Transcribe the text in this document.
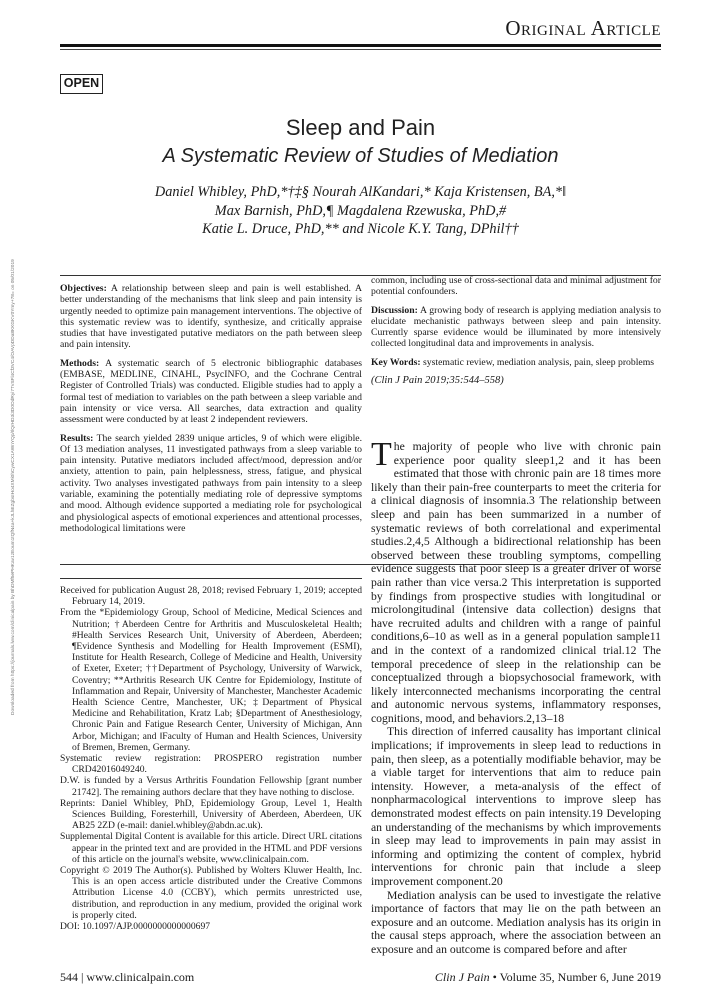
Original Article
OPEN
Downloaded from https://journals.lww.com/clinicalpain by BhDMf5ePHKav1zEoum1tQfN4a+kJLhEZgbsIHo4XMi0hCywCX1AWnYQp/IlQrHD3i3D0OdRyi7TvSFl4Cf3VC4/OAVpDDa8KKGKV0Ymy+78= on 05/01/2019
Sleep and Pain
A Systematic Review of Studies of Mediation
Daniel Whibley, PhD,*†‡§ Nourah AlKandari,* Kaja Kristensen, BA,*‖
Max Barnish, PhD,¶ Magdalena Rzewuska, PhD,#
Katie L. Druce, PhD,** and Nicole K.Y. Tang, DPhil††

Objectives: A relationship between sleep and pain is well established. A better understanding of the mechanisms that link sleep and pain intensity is urgently needed to optimize pain management interventions. The objective of this systematic review was to identify, synthesize, and critically appraise studies that have investigated putative mediators on the path between sleep and pain intensity.

Methods: A systematic search of 5 electronic bibliographic databases (EMBASE, MEDLINE, CINAHL, PsycINFO, and the Cochrane Central Register of Controlled Trials) was conducted. Eligible studies had to apply a formal test of mediation to variables on the path between a sleep variable and pain intensity or vice versa. All searches, data extraction and quality assessment were conducted by at least 2 independent reviewers.

Results: The search yielded 2839 unique articles, 9 of which were eligible. Of 13 mediation analyses, 11 investigated pathways from a sleep variable to pain intensity. Putative mediators included affect/mood, depression and/or anxiety, attention to pain, pain helplessness, stress, fatigue, and physical activity. Two analyses investigated pathways from pain intensity to a sleep variable, examining the potentially mediating role of depressive symptoms and mood. Although evidence supported a mediating role for psychological and physiological aspects of emotional experiences and attentional processes, methodological limitations were

common, including use of cross-sectional data and minimal adjustment for potential confounders.

Discussion: A growing body of research is applying mediation analysis to elucidate mechanistic pathways between sleep and pain intensity. Currently sparse evidence would be illuminated by more intensively collected longitudinal data and improvements in analysis.

Key Words: systematic review, mediation analysis, pain, sleep problems

(Clin J Pain 2019;35:544–558)

Received for publication August 28, 2018; revised February 1, 2019; accepted February 14, 2019.

From the *Epidemiology Group, School of Medicine, Medical Sciences and Nutrition; †Aberdeen Centre for Arthritis and Musculoskeletal Health; #Health Services Research Unit, University of Aberdeen, Aberdeen; ¶Evidence Synthesis and Modelling for Health Improvement (ESMI), Institute for Health Research, College of Medicine and Health, University of Exeter, Exeter; ††Department of Psychology, University of Warwick, Coventry; **Arthritis Research UK Centre for Epidemiology, Institute of Inflammation and Repair, University of Manchester, Manchester Academic Health Science Centre, Manchester, UK; ‡Department of Physical Medicine and Rehabilitation, Kratz Lab; §Department of Anesthesiology, Chronic Pain and Fatigue Research Center, University of Michigan, Ann Arbor, Michigan; and ‖Faculty of Human and Health Sciences, University of Bremen, Bremen, Germany.

Systematic review registration: PROSPERO registration number CRD42016049240.

D.W. is funded by a Versus Arthritis Foundation Fellowship [grant number 21742]. The remaining authors declare that they have nothing to disclose.

Reprints: Daniel Whibley, PhD, Epidemiology Group, Level 1, Health Sciences Building, Foresterhill, University of Aberdeen, Aberdeen, UK AB25 2ZD (e-mail: daniel.whibley@abdn.ac.uk).

Supplemental Digital Content is available for this article. Direct URL citations appear in the printed text and are provided in the HTML and PDF versions of this article on the journal's website, www.clinicalpain.com.

Copyright © 2019 The Author(s). Published by Wolters Kluwer Health, Inc. This is an open access article distributed under the Creative Commons Attribution License 4.0 (CCBY), which permits unrestricted use, distribution, and reproduction in any medium, provided the original work is properly cited.

DOI: 10.1097/AJP.0000000000000697

The majority of people who live with chronic pain experience poor quality sleep1,2 and it has been estimated that those with chronic pain are 18 times more likely than their pain-free counterparts to meet the criteria for a clinical diagnosis of insomnia.3 The relationship between sleep and pain has been summarized in a number of systematic reviews of both correlational and experimental studies.2,4,5 Although a bidirectional relationship has been observed between these troubling symptoms, compelling evidence suggests that poor sleep is a greater driver of worse pain rather than vice versa.2 This interpretation is supported by findings from prospective studies with longitudinal or microlongitudinal (intensive data collection) designs that have recruited adults and children with a range of painful conditions,6–10 as well as in a general population sample11 and in the context of a randomized clinical trial.12 The temporal precedence of sleep in the relationship can be conceptualized through a biopsychosocial framework, with likely interconnected mechanisms incorporating the central and autonomic nervous systems, inflammatory responses, cognitions, mood, and behaviors.2,13–18

This direction of inferred causality has important clinical implications; if improvements in sleep lead to reductions in pain, then sleep, as a potentially modifiable behavior, may be a viable target for interventions that aim to reduce pain intensity. However, a meta-analysis of the effect of nonpharmacological interventions to improve sleep has demonstrated modest effects on pain intensity.19 Developing an understanding of the mechanisms by which improvements in sleep may lead to improvements in pain may assist in informing and optimizing the content of complex, hybrid interventions for chronic pain that include a sleep improvement component.20

Mediation analysis can be used to investigate the relative importance of factors that may lie on the path between an exposure and an outcome. Mediation analysis has its origin in the causal steps approach, where the association between an exposure and an outcome is compared before and after

544 | www.clinicalpain.com	Clin J Pain • Volume 35, Number 6, June 2019
